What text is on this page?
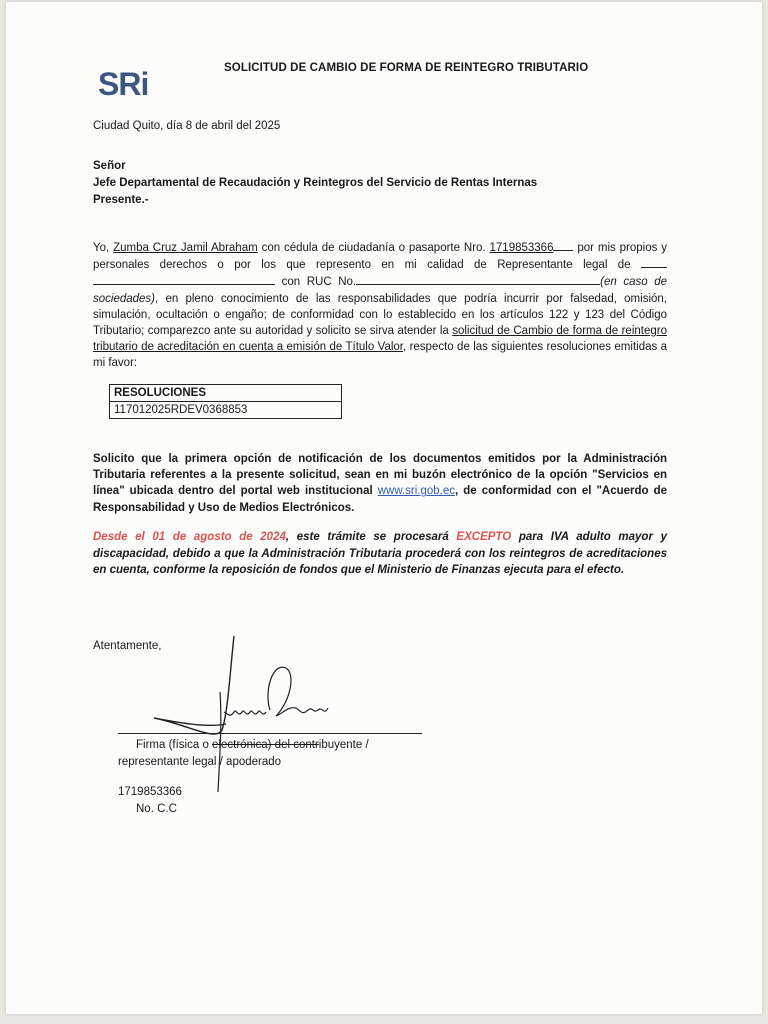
SRi	SOLICITUD DE CAMBIO DE FORMA DE REINTEGRO TRIBUTARIO
Ciudad Quito, día 8 de abril del 2025
Señor
Jefe Departamental de Recaudación y Reintegros del Servicio de Rentas Internas
Presente.-
Yo, Zumba Cruz Jamil Abraham con cédula de ciudadanía o pasaporte Nro. 1719853366 por mis propios y personales derechos o por los que represento en mi calidad de Representante legal de   con RUC No.	(en caso de sociedades), en pleno conocimiento de las responsabilidades que podría incurrir por falsedad, omisión, simulación, ocultación o engaño; de conformidad con lo establecido en los artículos 122 y 123 del Código Tributario; comparezco ante su autoridad y solicito se sirva atender la solicitud de Cambio de forma de reintegro tributario de acreditación en cuenta a emisión de Título Valor, respecto de las siguientes resoluciones emitidas a mi favor:
RESOLUCIONES
117012025RDEV0368853
Solicito que la primera opción de notificación de los documentos emitidos por la Administración Tributaria referentes a la presente solicitud, sean en mi buzón electrónico de la opción "Servicios en línea" ubicada dentro del portal web institucional www.sri.gob.ec, de conformidad con el "Acuerdo de Responsabilidad y Uso de Medios Electrónicos.
Desde el 01 de agosto de 2024, este trámite se procesará EXCEPTO para IVA adulto mayor y discapacidad, debido a que la Administración Tributaria procederá con los reintegros de acreditaciones en cuenta, conforme la reposición de fondos que el Ministerio de Finanzas ejecuta para el efecto.
Atentamente,
Firma (física o electrónica) del contribuyente /
representante legal / apoderado
1719853366
No. C.C
